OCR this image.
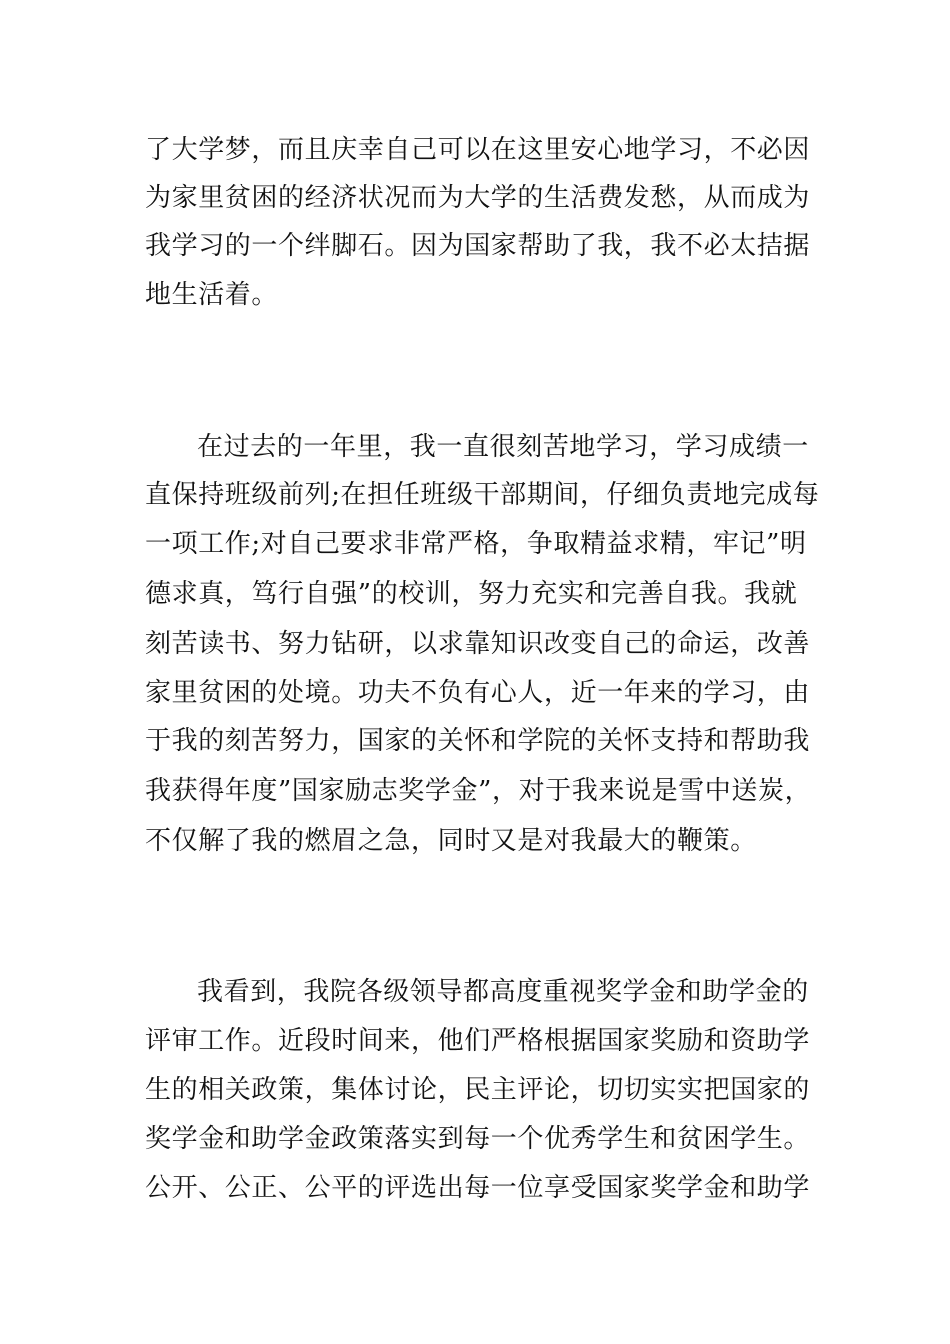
了大学梦，而且庆幸自己可以在这里安心地学习，不必因
为家里贫困的经济状况而为大学的生活费发愁，从而成为
我学习的一个绊脚石。因为国家帮助了我，我不必太拮据
地生活着。
在过去的一年里，我一直很刻苦地学习，学习成绩一
直保持班级前列;在担任班级干部期间，仔细负责地完成每
一项工作;对自己要求非常严格，争取精益求精，牢记”明
德求真，笃行自强”的校训，努力充实和完善自我。我就
刻苦读书、努力钻研，以求靠知识改变自己的命运，改善
家里贫困的处境。功夫不负有心人，近一年来的学习，由
于我的刻苦努力，国家的关怀和学院的关怀支持和帮助我
我获得年度”国家励志奖学金”，对于我来说是雪中送炭，
不仅解了我的燃眉之急，同时又是对我最大的鞭策。
我看到，我院各级领导都高度重视奖学金和助学金的
评审工作。近段时间来，他们严格根据国家奖励和资助学
生的相关政策，集体讨论，民主评论，切切实实把国家的
奖学金和助学金政策落实到每一个优秀学生和贫困学生。
公开、公正、公平的评选出每一位享受国家奖学金和助学
